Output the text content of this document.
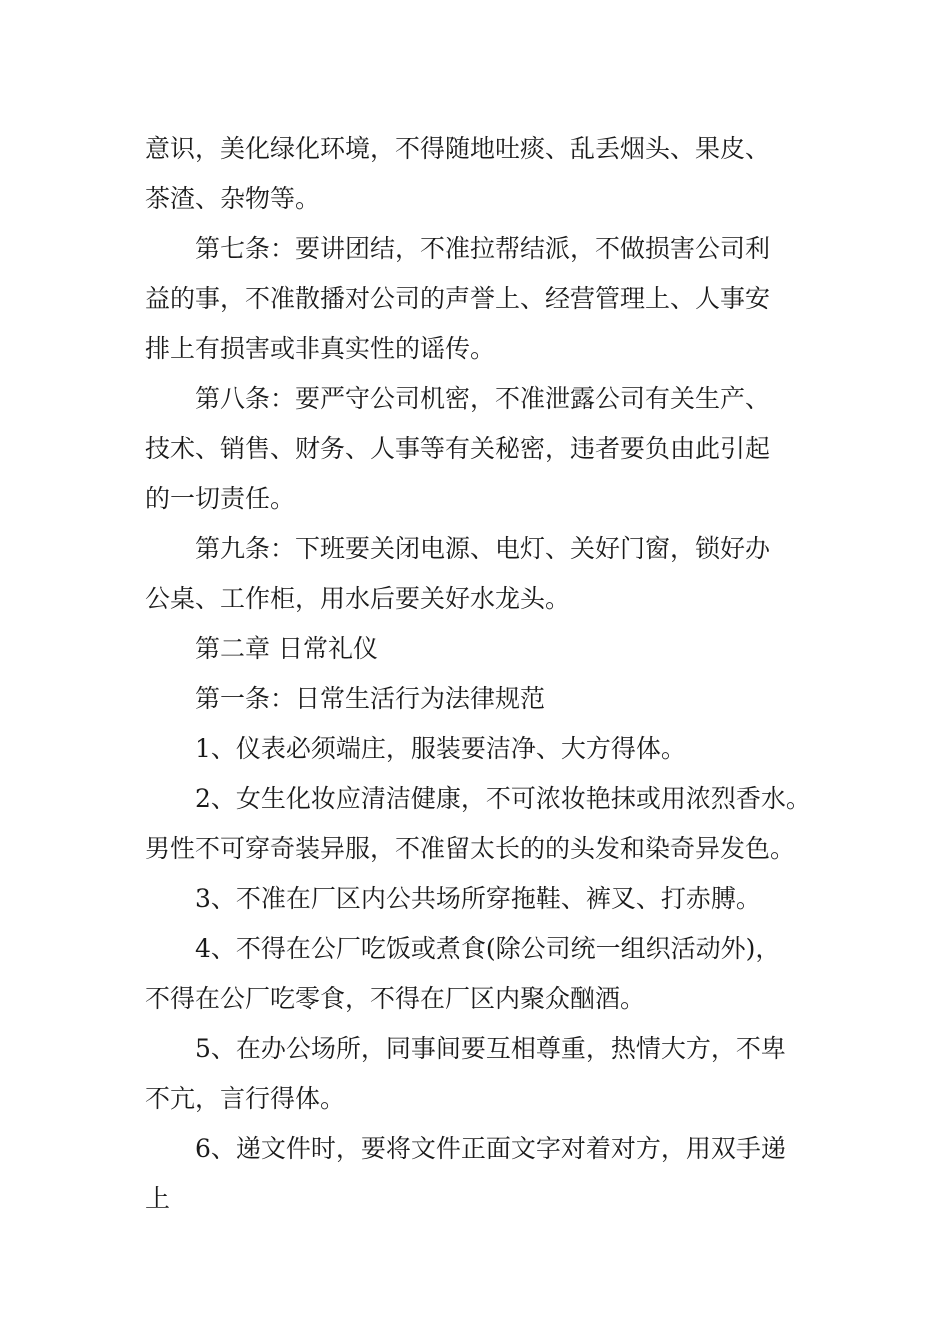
意识，美化绿化环境，不得随地吐痰、乱丢烟头、果皮、
茶渣、杂物等。
第七条：要讲团结，不准拉帮结派，不做损害公司利
益的事，不准散播对公司的声誉上、经营管理上、人事安
排上有损害或非真实性的谣传。
第八条：要严守公司机密，不准泄露公司有关生产、
技术、销售、财务、人事等有关秘密，违者要负由此引起
的一切责任。
第九条：下班要关闭电源、电灯、关好门窗，锁好办
公桌、工作柜，用水后要关好水龙头。
第二章 日常礼仪
第一条：日常生活行为法律规范
1、仪表必须端庄，服装要洁净、大方得体。
2、女生化妆应清洁健康，不可浓妆艳抹或用浓烈香水。
男性不可穿奇装异服，不准留太长的的头发和染奇异发色。
3、不准在厂区内公共场所穿拖鞋、裤叉、打赤膊。
4、不得在公厂吃饭或煮食(除公司统一组织活动外)，
不得在公厂吃零食，不得在厂区内聚众酗酒。
5、在办公场所，同事间要互相尊重，热情大方，不卑
不亢，言行得体。
6、递文件时，要将文件正面文字对着对方，用双手递
上
